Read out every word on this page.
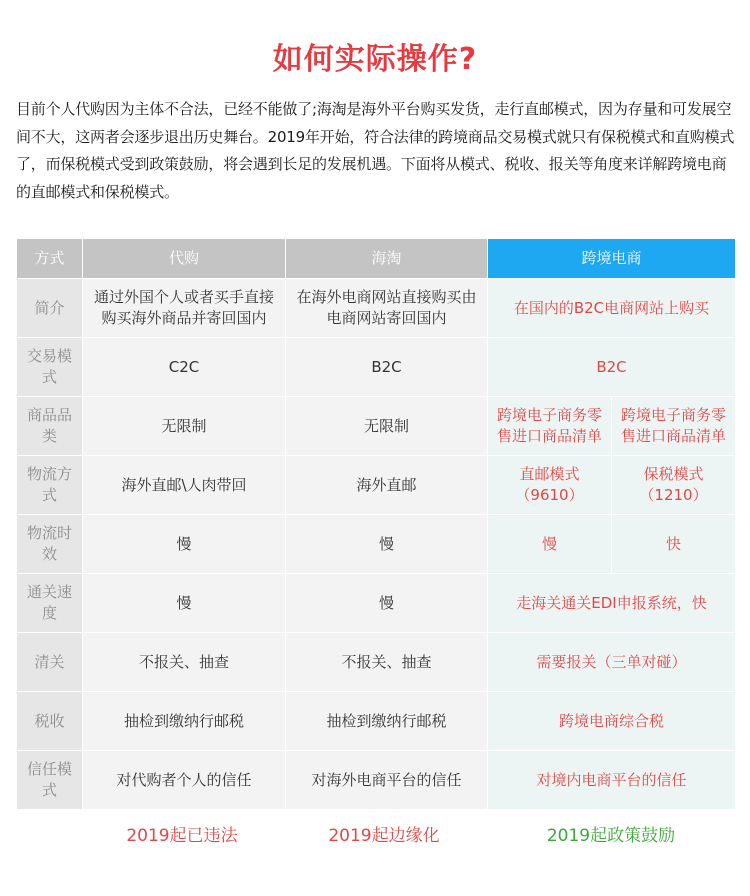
如何实际操作?

目前个人代购因为主体不合法，已经不能做了;海淘是海外平台购买发货，走行直邮模式，因为存量和可发展空间不大，这两者会逐步退出历史舞台。2019年开始，符合法律的跨境商品交易模式就只有保税模式和直购模式了，而保税模式受到政策鼓励，将会遇到长足的发展机遇。下面将从模式、税收、报关等角度来详解跨境电商的直邮模式和保税模式。

方式	代购	海淘	跨境电商	
简介	通过外国个人或者买手直接购买海外商品并寄回国内	在海外电商网站直接购买由电商网站寄回国内	在国内的B2C电商网站上购买	
交易模式	C2C	B2C	B2C	
商品品类	无限制	无限制	跨境电子商务零售进口商品清单	跨境电子商务零售进口商品清单
物流方式	海外直邮\人肉带回	海外直邮	直邮模式（9610）	保税模式（1210）
物流时效	慢	慢	慢	快
通关速度	慢	慢	走海关通关EDI申报系统，快	
清关	不报关、抽查	不报关、抽查	需要报关（三单对碰）	
税收	抽检到缴纳行邮税	抽检到缴纳行邮税	跨境电商综合税	
信任模式	对代购者个人的信任	对海外电商平台的信任	对境内电商平台的信任	
2019起已违法	2019起边缘化	2019起政策鼓励
